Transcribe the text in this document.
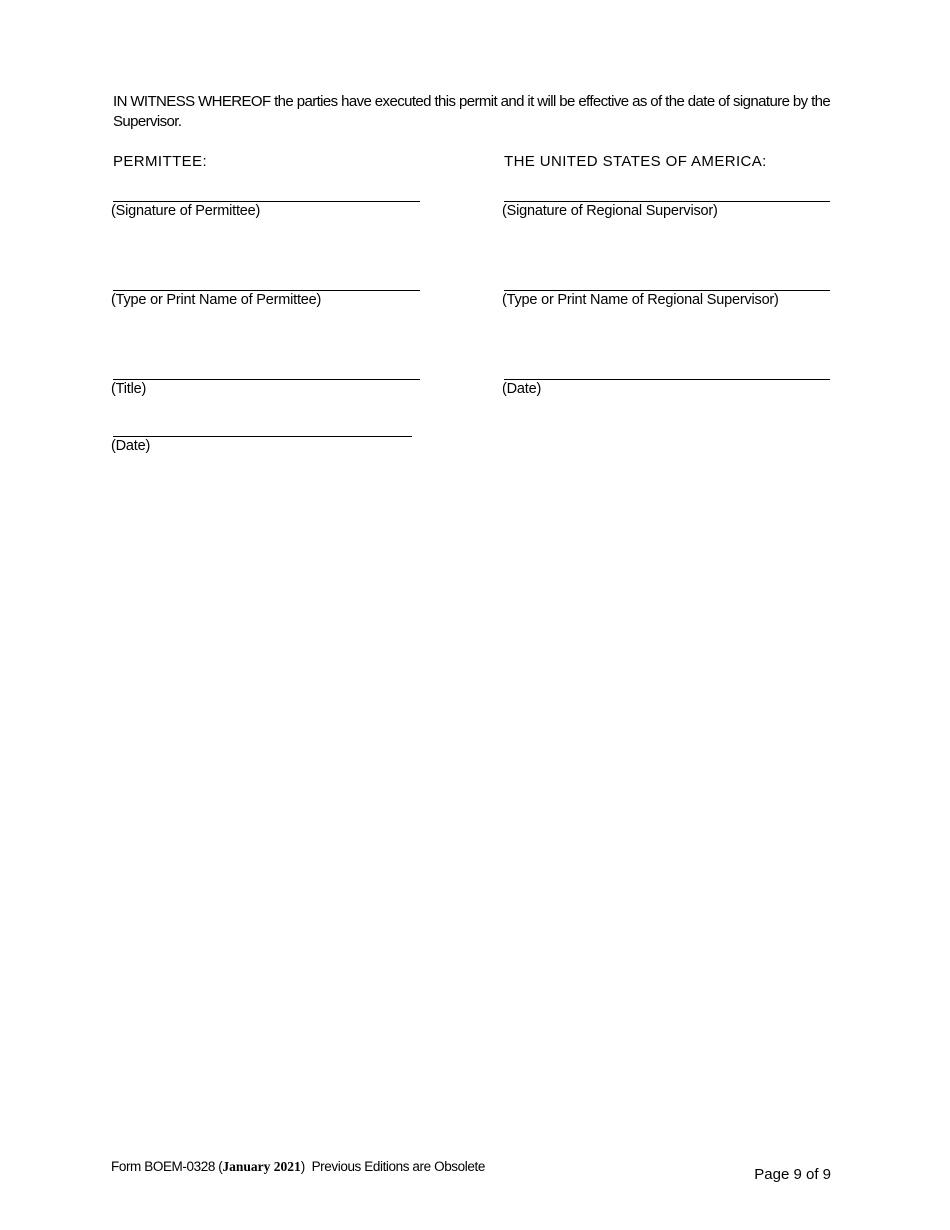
IN WITNESS WHEREOF the parties have executed this permit and it will be effective as of the date of signature by the Supervisor.
PERMITTEE:	THE UNITED STATES OF AMERICA:
(Signature of Permittee)	(Signature of Regional Supervisor)
(Type or Print Name of Permittee)	(Type or Print Name of Regional Supervisor)
(Title)	(Date)
(Date)
Form BOEM-0328 (January 2021)  Previous Editions are Obsolete	Page 9 of 9
